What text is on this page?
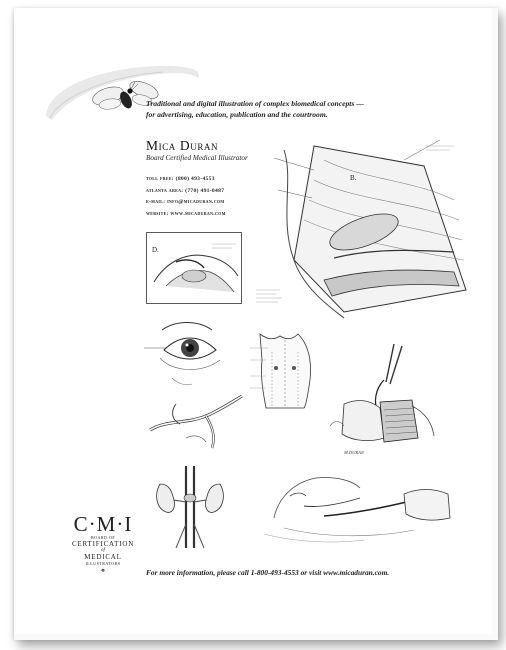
Traditional and digital illustration of complex biomedical concepts —
for advertising, education, publication and the courtroom.
Mica Duran
Board Certified Medical Illustrator
toll free: (800) 493-4553
atlanta area: (770) 491-0487
e-mail: info@micaduran.com
website: www.micaduran.com
B.
D.
M.DURAN
C·M·I
BOARD OF
CERTIFICATION
of
MEDICAL
ILLUSTRATORS
❖	For more information, please call 1-800-493-4553 or visit www.micaduran.com.
